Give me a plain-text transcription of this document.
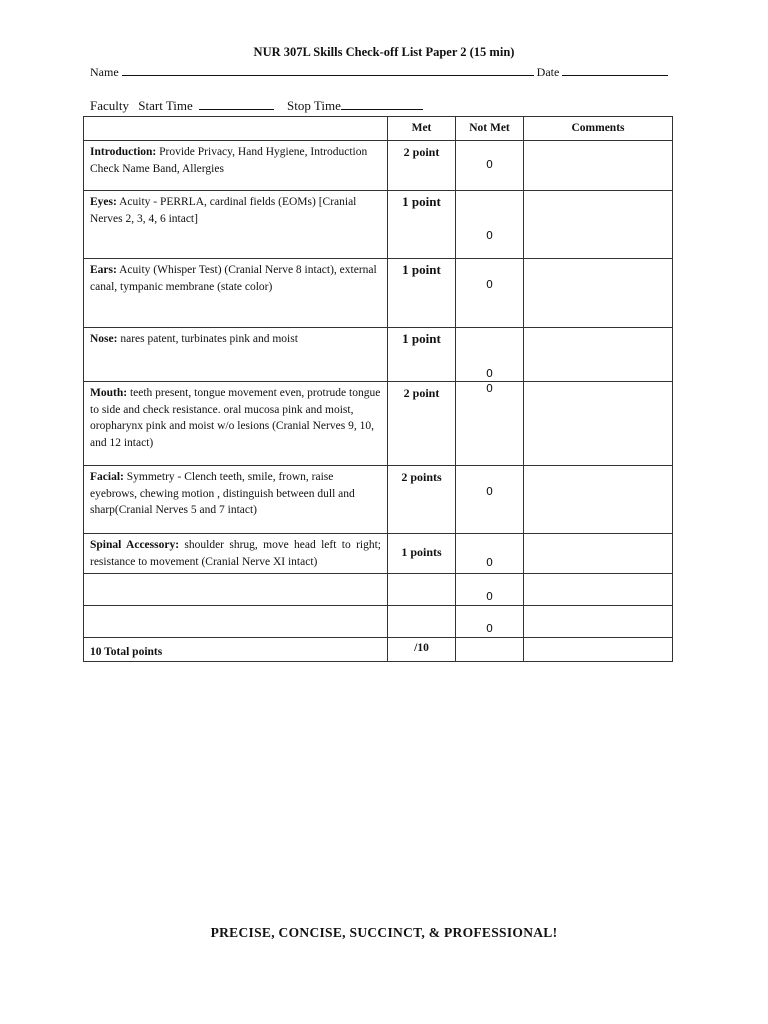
NUR 307L Skills Check-off List Paper 2 (15 min)
Name	Date
Faculty Start Time	Stop Time
	Met	Not Met	Comments
Introduction: Provide Privacy, Hand Hygiene, Introduction Check Name Band, Allergies	2 point	0	
Eyes: Acuity - PERRLA, cardinal fields (EOMs) [Cranial Nerves 2, 3, 4, 6 intact]	1 point	0	
Ears: Acuity (Whisper Test) (Cranial Nerve 8 intact), external canal, tympanic membrane (state color)	1 point	0	
Nose: nares patent, turbinates pink and moist	1 point	0	
Mouth: teeth present, tongue movement even, protrude tongue to side and check resistance. oral mucosa pink and moist, oropharynx pink and moist w/o lesions (Cranial Nerves 9, 10, and 12 intact)	2 point	0	
Facial: Symmetry - Clench teeth, smile, frown, raise eyebrows, chewing motion , distinguish between dull and sharp(Cranial Nerves 5 and 7 intact)	2 points	0	
Spinal Accessory: shoulder shrug, move head left to right; resistance to movement (Cranial Nerve XI intact)	1 points	0	
		0	
		0	
10 Total points	/10		
PRECISE, CONCISE, SUCCINCT, & PROFESSIONAL!
